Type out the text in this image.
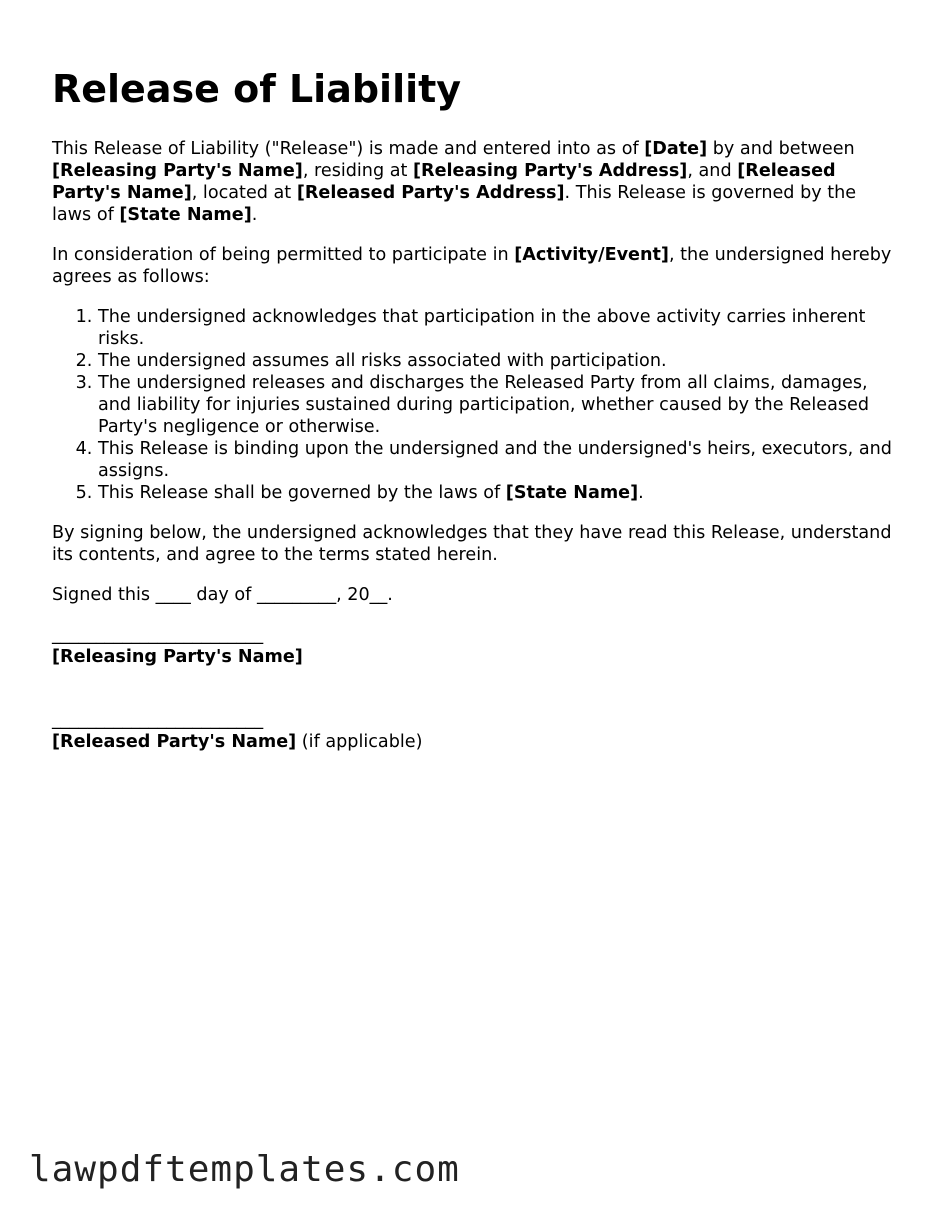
Release of Liability

This Release of Liability ("Release") is made and entered into as of [Date] by and between [Releasing Party's Name], residing at [Releasing Party's Address], and [Released Party's Name], located at [Released Party's Address]. This Release is governed by the laws of [State Name].

In consideration of being permitted to participate in [Activity/Event], the undersigned hereby agrees as follows:

1. The undersigned acknowledges that participation in the above activity carries inherent risks.
2. The undersigned assumes all risks associated with participation.
3. The undersigned releases and discharges the Released Party from all claims, damages, and liability for injuries sustained during participation, whether caused by the Released Party's negligence or otherwise.
4. This Release is binding upon the undersigned and the undersigned's heirs, executors, and assigns.
5. This Release shall be governed by the laws of [State Name].

By signing below, the undersigned acknowledges that they have read this Release, understand its contents, and agree to the terms stated herein.

Signed this ____ day of _________, 20__.

________________________
[Releasing Party's Name]
________________________
[Released Party's Name] (if applicable)
lawpdftemplates.com
